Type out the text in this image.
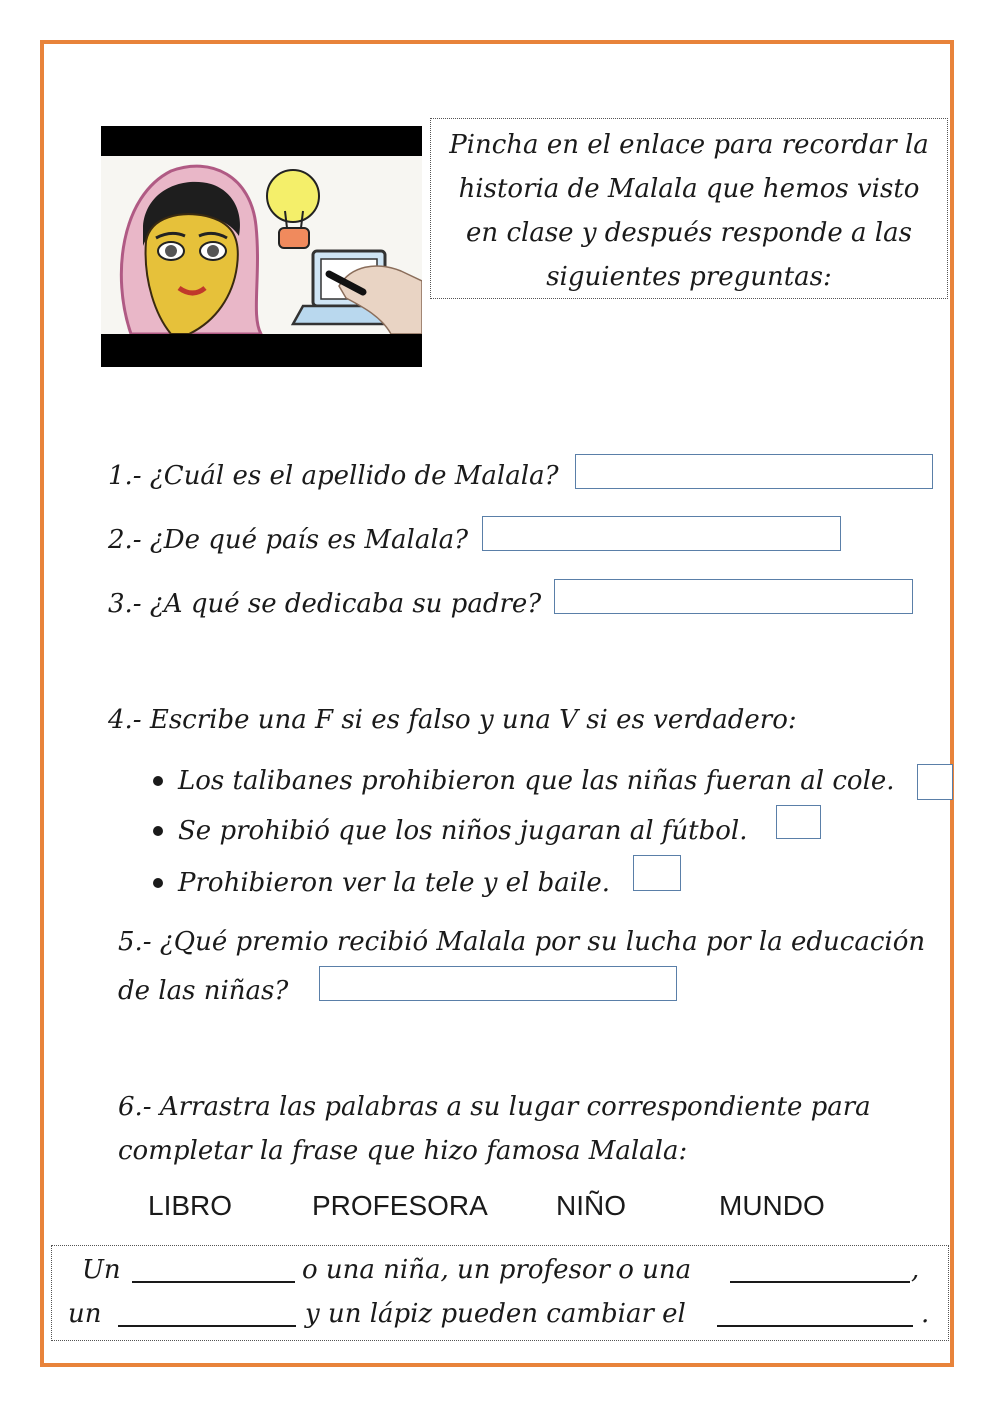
Pincha en el enlace para recordar la
historia de Malala que hemos visto
en clase y después responde a las
siguientes preguntas:
1.- ¿Cuál es el apellido de Malala?
2.- ¿De qué país es Malala?
3.- ¿A qué se dedicaba su padre?
4.- Escribe una F si es falso y una V si es verdadero:
Los talibanes prohibieron que las niñas fueran al cole.
Se prohibió que los niños jugaran al fútbol.
Prohibieron ver la tele y el baile.
5.- ¿Qué premio recibió Malala por su lucha por la educación
de las niñas?
6.- Arrastra las palabras a su lugar correspondiente para
completar la frase que hizo famosa Malala:
LIBRO	PROFESORA NIÑO	MUNDO
Un	o una niña, un profesor o una	,
un	y un lápiz pueden cambiar el	.
